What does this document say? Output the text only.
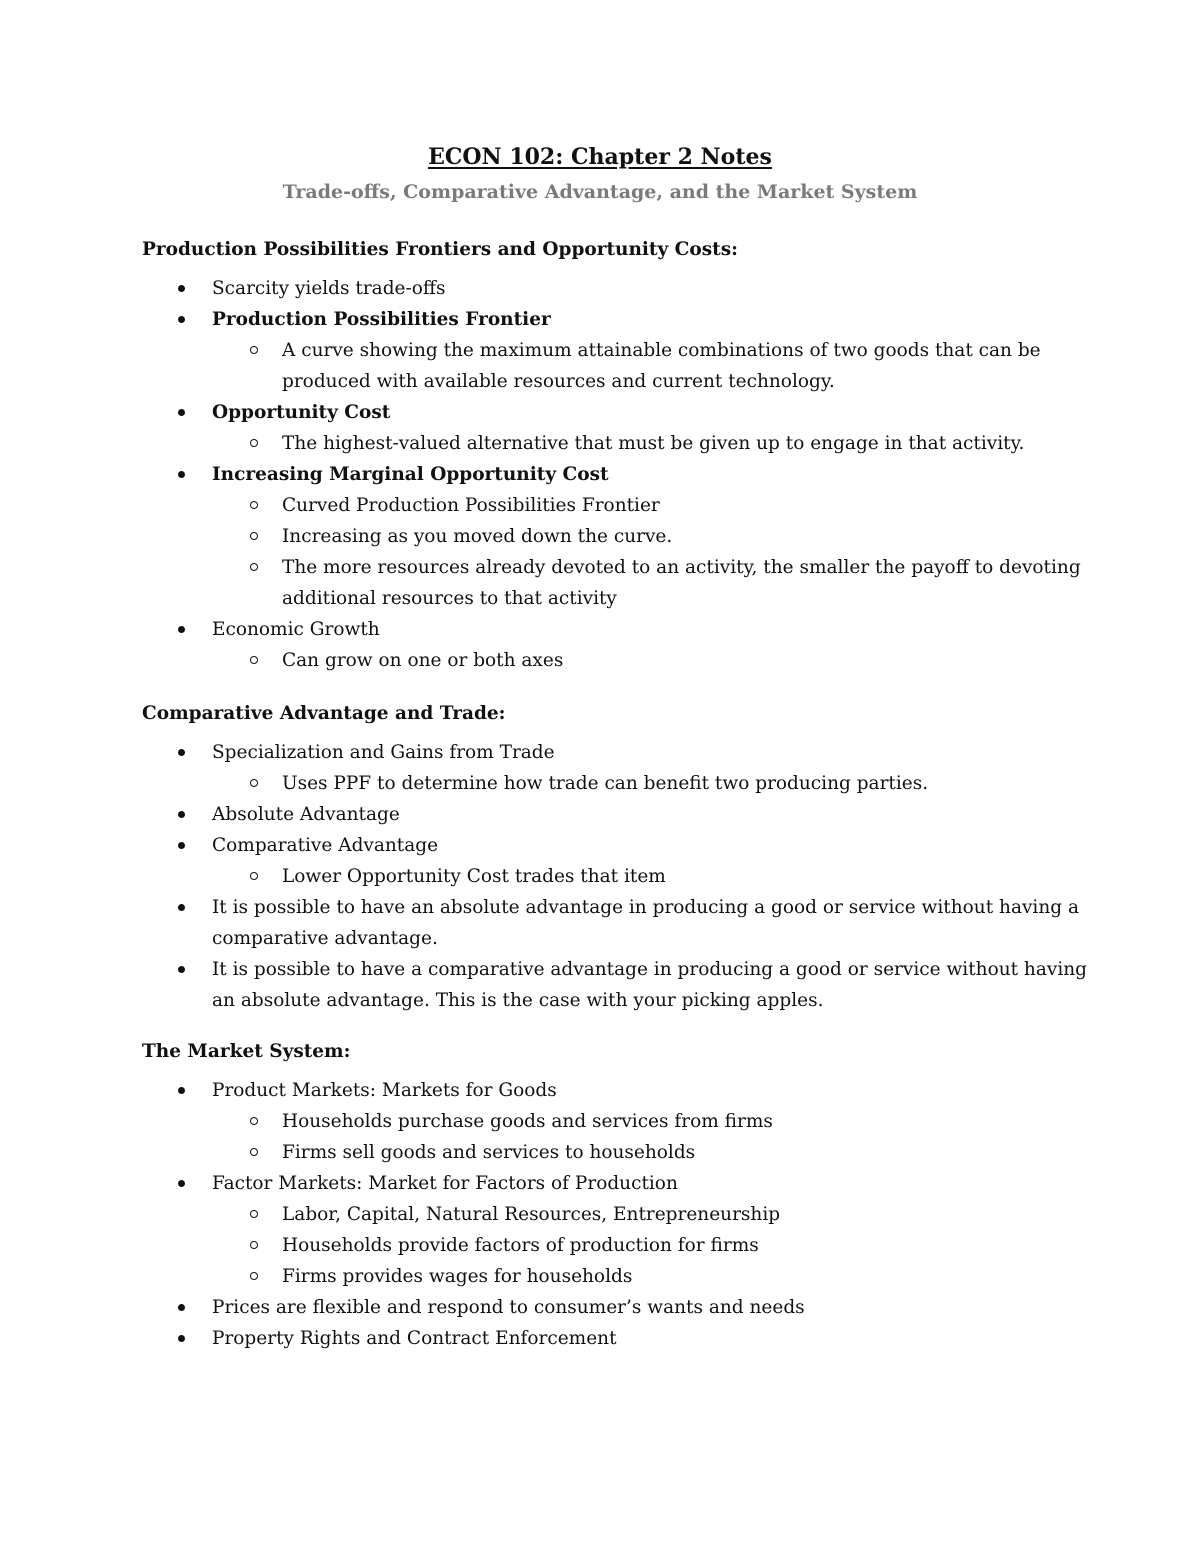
ECON 102: Chapter 2 Notes
Trade-offs, Comparative Advantage, and the Market System
Production Possibilities Frontiers and Opportunity Costs:
Scarcity yields trade-offs
Production Possibilities Frontier
A curve showing the maximum attainable combinations of two goods that can be produced with available resources and current technology.
Opportunity Cost
The highest-valued alternative that must be given up to engage in that activity.
Increasing Marginal Opportunity Cost
Curved Production Possibilities Frontier
Increasing as you moved down the curve.
The more resources already devoted to an activity, the smaller the payoff to devoting additional resources to that activity
Economic Growth
Can grow on one or both axes
Comparative Advantage and Trade:
Specialization and Gains from Trade
Uses PPF to determine how trade can benefit two producing parties.
Absolute Advantage
Comparative Advantage
Lower Opportunity Cost trades that item
It is possible to have an absolute advantage in producing a good or service without having a comparative advantage.
It is possible to have a comparative advantage in producing a good or service without having an absolute advantage. This is the case with your picking apples.
The Market System:
Product Markets: Markets for Goods
Households purchase goods and services from firms
Firms sell goods and services to households
Factor Markets: Market for Factors of Production
Labor, Capital, Natural Resources, Entrepreneurship
Households provide factors of production for firms
Firms provides wages for households
Prices are flexible and respond to consumer’s wants and needs
Property Rights and Contract Enforcement
